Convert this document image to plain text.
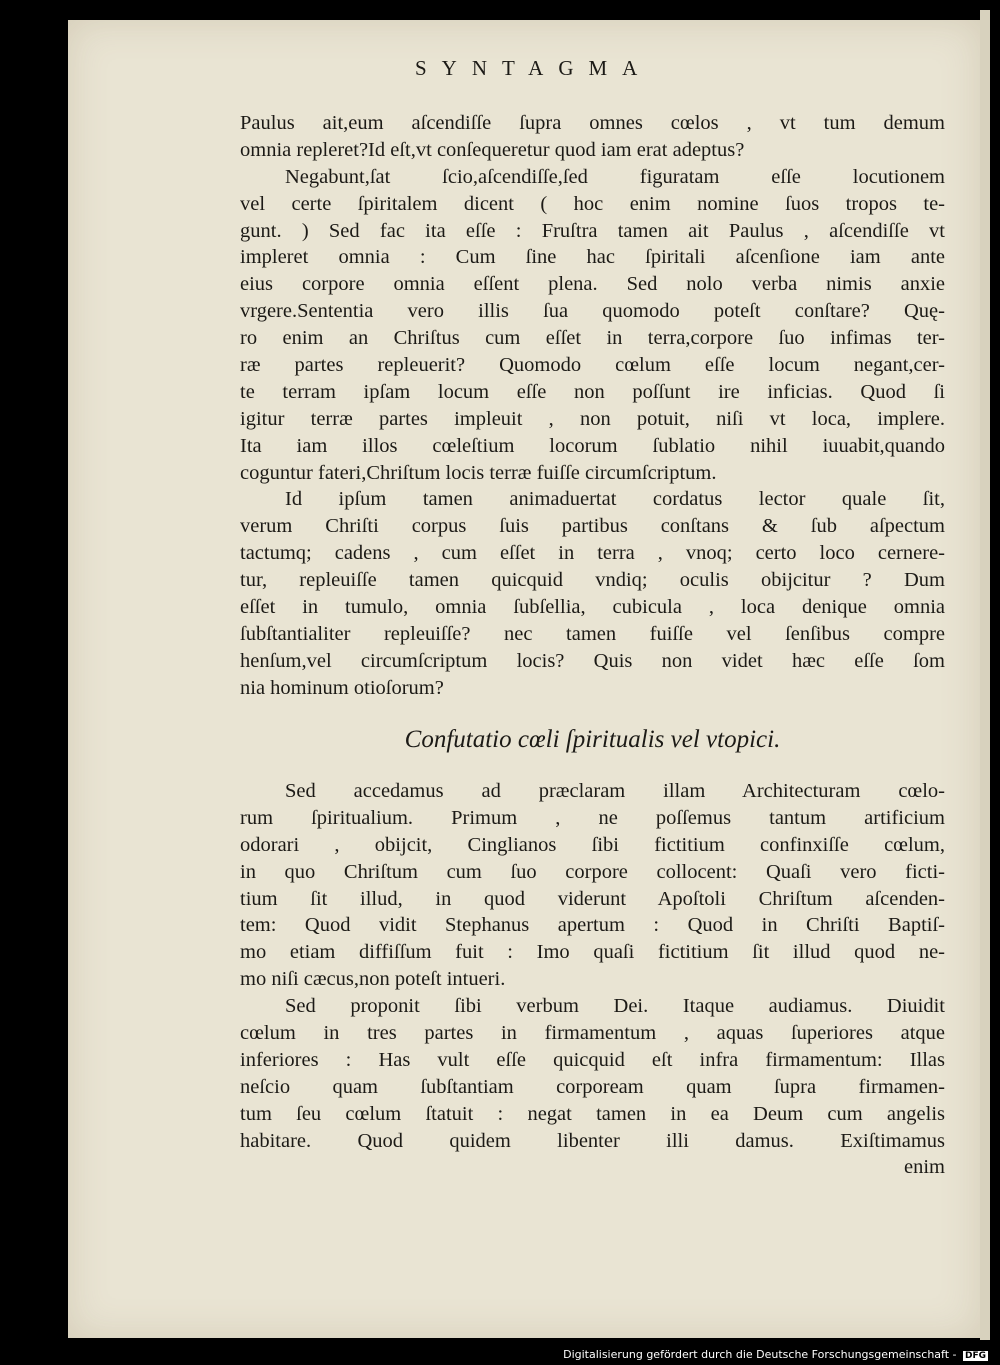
SYNTAGMA
Paulus ait,eum aſcendiſſe ſupra omnes cœlos , vt tum demum
omnia repleret?Id eſt,vt conſequeretur quod iam erat adeptus?
Negabunt,ſat ſcio,aſcendiſſe,ſed figuratam eſſe locutionem
vel certe ſpiritalem dicent ( hoc enim nomine ſuos tropos te-
gunt. ) Sed fac ita eſſe : Fruſtra tamen ait Paulus , aſcendiſſe vt
impleret omnia : Cum ſine hac ſpiritali aſcenſione iam ante
eius corpore omnia eſſent plena. Sed nolo verba nimis anxie
vrgere.Sententia vero illis ſua quomodo poteſt conſtare? Quę-
ro enim an Chriſtus cum eſſet in terra,corpore ſuo infimas ter-
ræ partes repleuerit? Quomodo cœlum eſſe locum negant,cer-
te terram ipſam locum eſſe non poſſunt ire inficias. Quod ſi
igitur terræ partes impleuit , non potuit, niſi vt loca, implere.
Ita iam illos cœleſtium locorum ſublatio nihil iuuabit,quando
coguntur fateri,Chriſtum locis terræ fuiſſe circumſcriptum.
Id ipſum tamen animaduertat cordatus lector quale ſit,
verum Chriſti corpus ſuis partibus conſtans & ſub aſpectum
tactumq; cadens , cum eſſet in terra , vnoq; certo loco cernere-
tur, repleuiſſe tamen quicquid vndiq; oculis obijcitur ? Dum
eſſet in tumulo, omnia ſubſellia, cubicula , loca denique omnia
ſubſtantialiter repleuiſſe? nec tamen fuiſſe vel ſenſibus compre
henſum,vel circumſcriptum locis? Quis non videt hæc eſſe ſom
nia hominum otioſorum?
Confutatio cœli ſpiritualis vel vtopici.
Sed accedamus ad præclaram illam Architecturam cœlo-
rum ſpiritualium. Primum , ne poſſemus tantum artificium
odorari , obijcit, Cinglianos ſibi fictitium confinxiſſe cœlum,
in quo Chriſtum cum ſuo corpore collocent: Quaſi vero ficti-
tium ſit illud, in quod viderunt Apoſtoli Chriſtum aſcenden-
tem: Quod vidit Stephanus apertum : Quod in Chriſti Baptiſ-
mo etiam diffiſſum fuit : Imo quaſi fictitium ſit illud quod ne-
mo niſi cæcus,non poteſt intueri.
Sed proponit ſibi verbum Dei. Itaque audiamus. Diuidit
cœlum in tres partes in firmamentum , aquas ſuperiores atque
inferiores : Has vult eſſe quicquid eſt infra firmamentum: Illas
neſcio quam ſubſtantiam corpoream quam ſupra firmamen-
tum ſeu cœlum ſtatuit : negat tamen in ea Deum cum angelis
habitare. Quod quidem libenter illi damus. Exiſtimamus
enim
Digitalisierung gefördert durch die Deutsche Forschungsgemeinschaft - DFG
